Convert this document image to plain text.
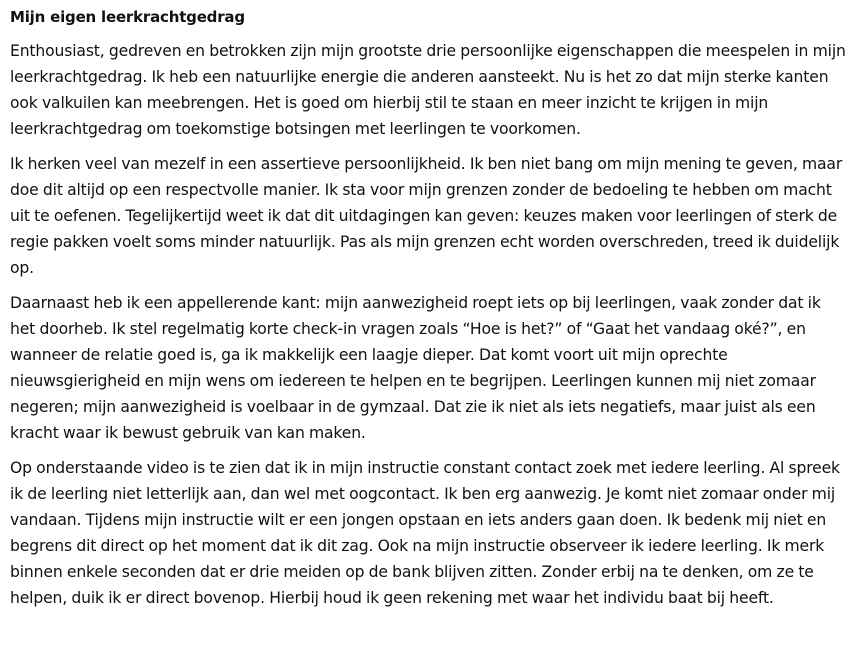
Mijn eigen leerkrachtgedrag

Enthousiast, gedreven en betrokken zijn mijn grootste drie persoonlijke eigenschappen die meespelen in mijn leerkrachtgedrag. Ik heb een natuurlijke energie die anderen aansteekt. Nu is het zo dat mijn sterke kanten ook valkuilen kan meebrengen. Het is goed om hierbij stil te staan en meer inzicht te krijgen in mijn leerkrachtgedrag om toekomstige botsingen met leerlingen te voorkomen.

Ik herken veel van mezelf in een assertieve persoonlijkheid. Ik ben niet bang om mijn mening te geven, maar doe dit altijd op een respectvolle manier. Ik sta voor mijn grenzen zonder de bedoeling te hebben om macht uit te oefenen. Tegelijkertijd weet ik dat dit uitdagingen kan geven: keuzes maken voor leerlingen of sterk de regie pakken voelt soms minder natuurlijk. Pas als mijn grenzen echt worden overschreden, treed ik duidelijk op.

Daarnaast heb ik een appellerende kant: mijn aanwezigheid roept iets op bij leerlingen, vaak zonder dat ik het doorheb. Ik stel regelmatig korte check-in vragen zoals “Hoe is het?” of “Gaat het vandaag oké?”, en wanneer de relatie goed is, ga ik makkelijk een laagje dieper. Dat komt voort uit mijn oprechte nieuwsgierigheid en mijn wens om iedereen te helpen en te begrijpen. Leerlingen kunnen mij niet zomaar negeren; mijn aanwezigheid is voelbaar in de gymzaal. Dat zie ik niet als iets negatiefs, maar juist als een kracht waar ik bewust gebruik van kan maken.

Op onderstaande video is te zien dat ik in mijn instructie constant contact zoek met iedere leerling. Al spreek ik de leerling niet letterlijk aan, dan wel met oogcontact. Ik ben erg aanwezig. Je komt niet zomaar onder mij vandaan. Tijdens mijn instructie wilt er een jongen opstaan en iets anders gaan doen. Ik bedenk mij niet en begrens dit direct op het moment dat ik dit zag. Ook na mijn instructie observeer ik iedere leerling. Ik merk binnen enkele seconden dat er drie meiden op de bank blijven zitten. Zonder erbij na te denken, om ze te helpen, duik ik er direct bovenop. Hierbij houd ik geen rekening met waar het individu baat bij heeft.
